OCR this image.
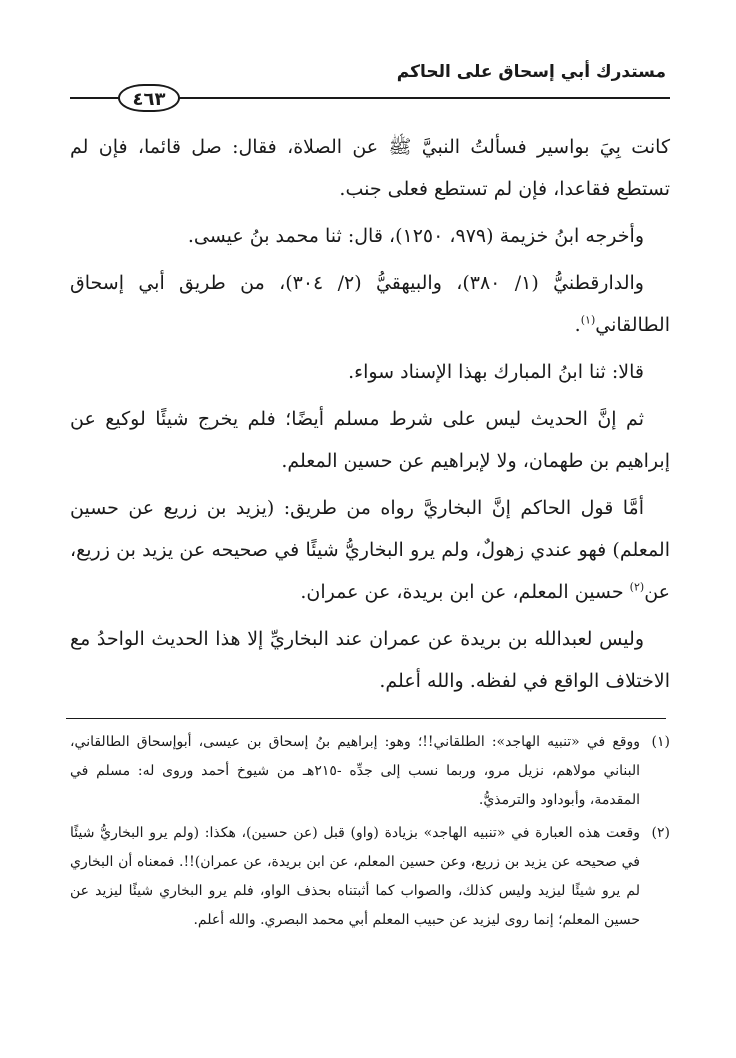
مستدرك أبي إسحاق على الحاكم
٤٦٣

كانت بِيَ بواسير فسألتُ النبيَّ ﷺ عن الصلاة، فقال: صل قائما، فإن لم تستطع فقاعدا، فإن لم تستطع فعلى جنب.

وأخرجه ابنُ خزيمة (٩٧٩، ١٢٥٠)، قال: ثنا محمد بنُ عيسى.

والدارقطنيُّ (١/ ٣٨٠)، والبيهقيُّ (٢/ ٣٠٤)، من طريق أبي إسحاق الطالقاني$^{(١)}$.

قالا: ثنا ابنُ المبارك بهذا الإسناد سواء.

ثم إنَّ الحديث ليس على شرط مسلم أيضًا؛ فلم يخرج شيئًا لوكيع عن إبراهيم بن طهمان، ولا لإبراهيم عن حسين المعلم.

أمَّا قول الحاكم إنَّ البخاريَّ رواه من طريق: (يزيد بن زريع عن حسين المعلم) فهو عندي زهولٌ، ولم يرو البخاريُّ شيئًا في صحيحه عن يزيد بن زريع، عن$^{(٢)}$ حسين المعلم، عن ابن بريدة، عن عمران.

وليس لعبدالله بن بريدة عن عمران عند البخاريِّ إلا هذا الحديث الواحدُ مع الاختلاف الواقع في لفظه. والله أعلم.

(١)ووقع في «تنبيه الهاجد»: الطلقاني!!؛ وهو: إبراهيم بنُ إسحاق بن عيسى، أبوإسحاق الطالقاني، البناني مولاهم، نزيل مرو، وربما نسب إلى جدِّه -٢١٥هـ من شيوخ أحمد وروى له: مسلم في المقدمة، وأبوداود والترمذيُّ.

(٢)وقعت هذه العبارة في «تنبيه الهاجد» بزيادة (واو) قبل (عن حسين)، هكذا: (ولم يرو البخاريُّ شيئًا في صحيحه عن يزيد بن زريع، وعن حسين المعلم، عن ابن بريدة، عن عمران)!!. فمعناه أن البخاري لم يرو شيئًا ليزيد وليس كذلك، والصواب كما أثبتناه بحذف الواو، فلم يرو البخاري شيئًا ليزيد عن حسين المعلم؛ إنما روى ليزيد عن حبيب المعلم أبي محمد البصري. والله أعلم.
